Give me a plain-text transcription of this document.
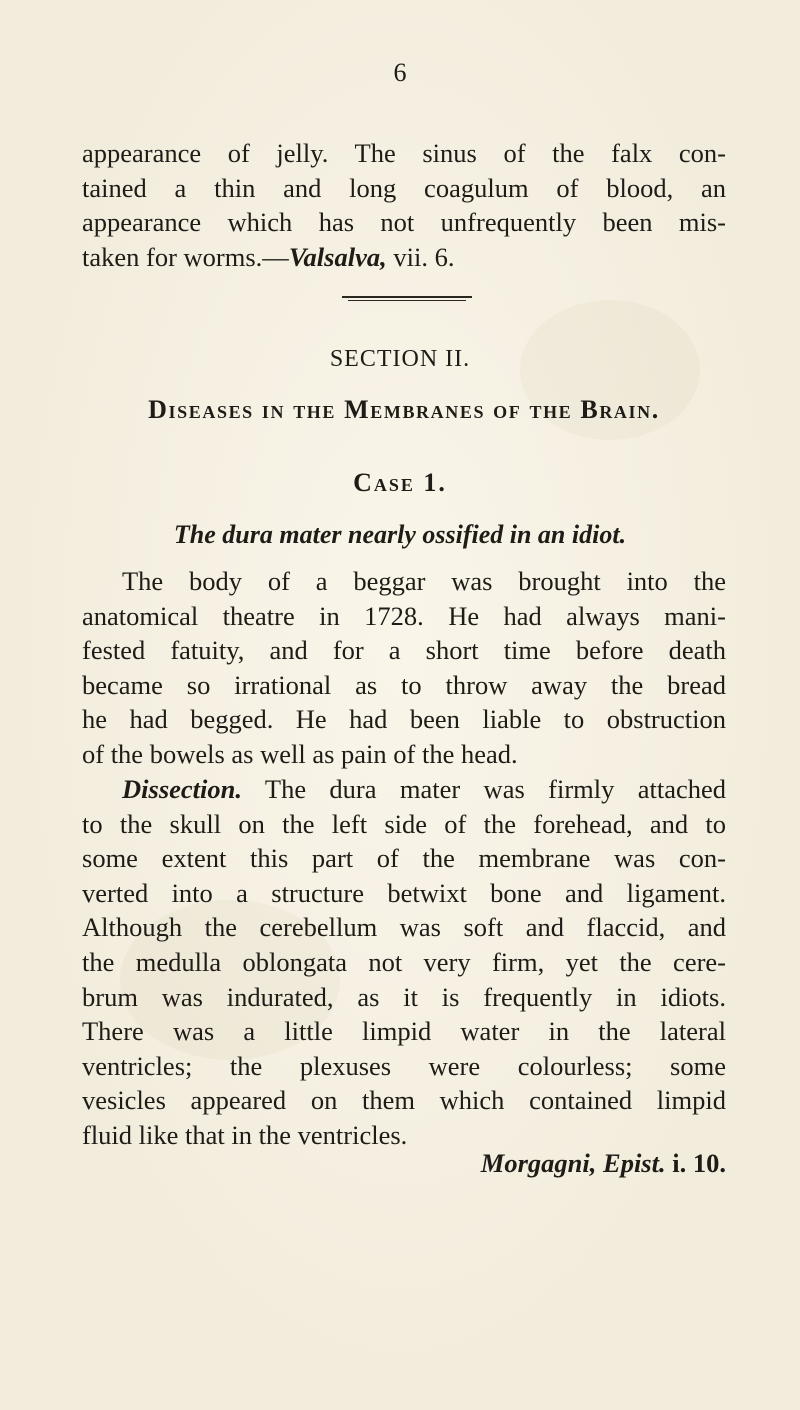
6
appearance of jelly. The sinus of the falx con-
tained a thin and long coagulum of blood, an
appearance which has not unfrequently been mis-
taken for worms.—Valsalva, vii. 6.
SECTION II.
Diseases in the Membranes of the Brain.
Case 1.
The dura mater nearly ossified in an idiot.
The body of a beggar was brought into the
anatomical theatre in 1728. He had always mani-
fested fatuity, and for a short time before death
became so irrational as to throw away the bread
he had begged. He had been liable to obstruction
of the bowels as well as pain of the head.
Dissection. The dura mater was firmly attached
to the skull on the left side of the forehead, and to
some extent this part of the membrane was con-
verted into a structure betwixt bone and ligament.
Although the cerebellum was soft and flaccid, and
the medulla oblongata not very firm, yet the cere-
brum was indurated, as it is frequently in idiots.
There was a little limpid water in the lateral
ventricles; the plexuses were colourless; some
vesicles appeared on them which contained limpid
fluid like that in the ventricles.
Morgagni, Epist. i. 10.
